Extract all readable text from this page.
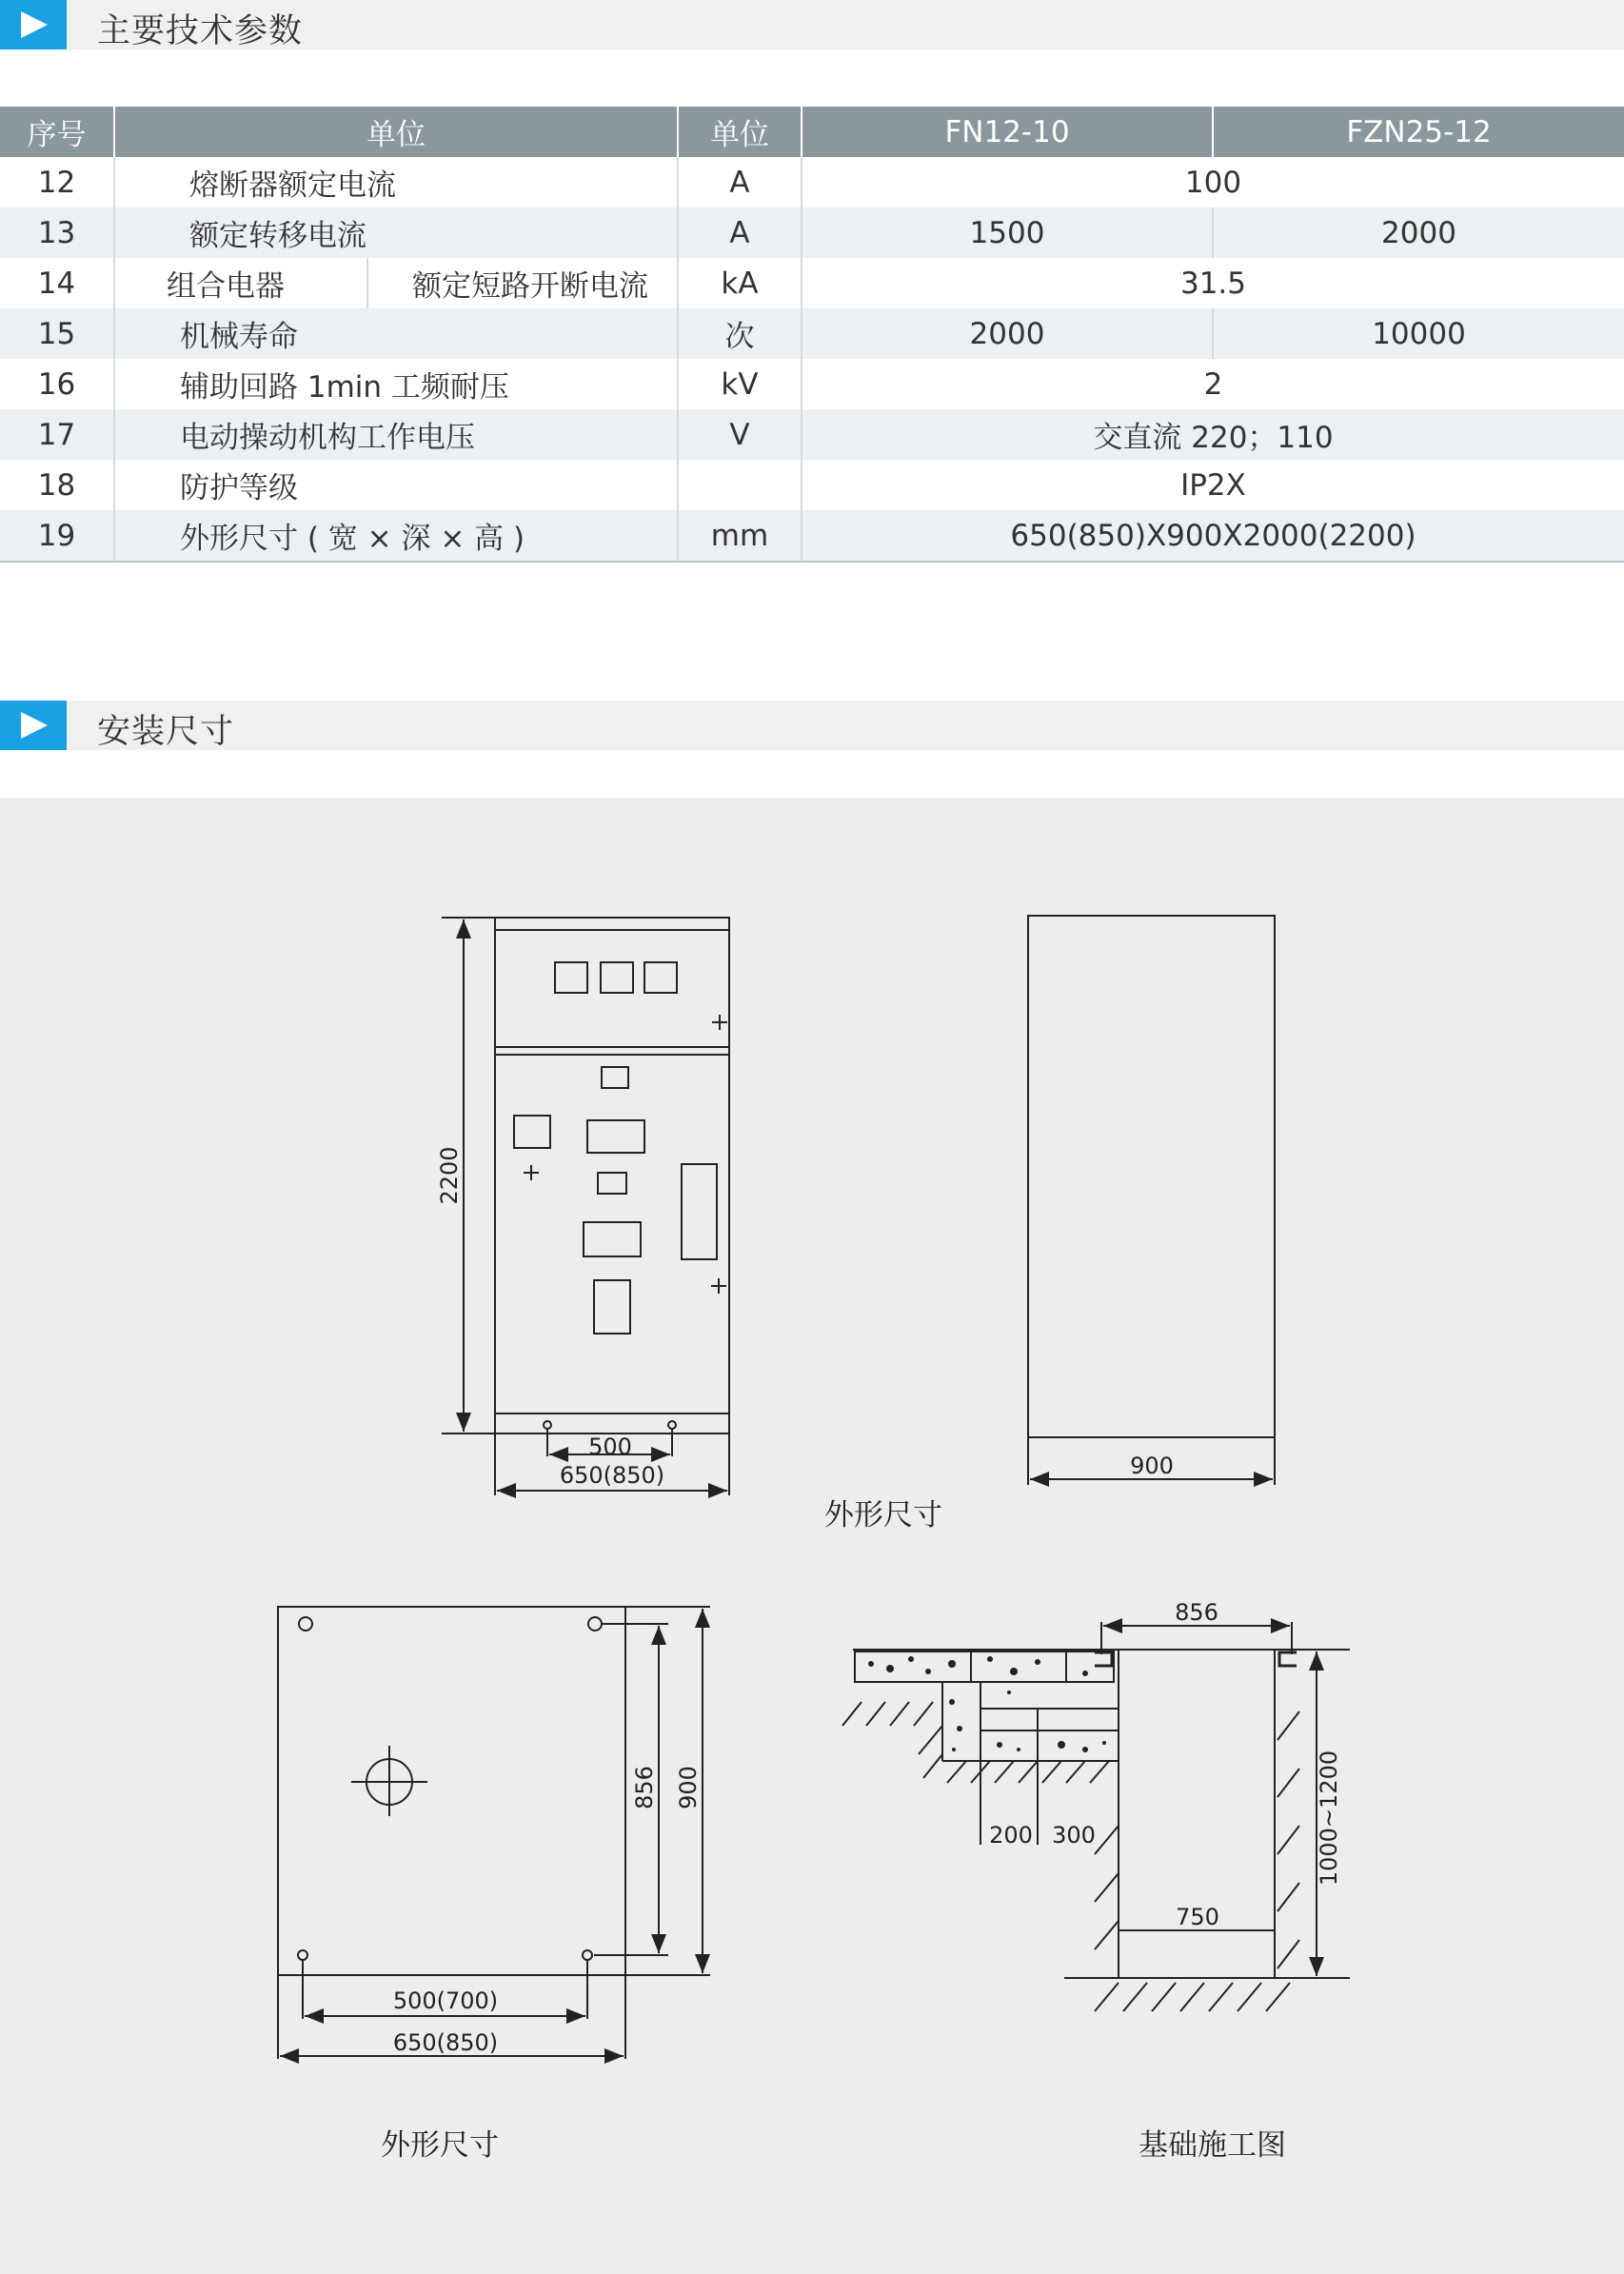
主要技术参数
序号	单位		单位	FN12-10	FZN25-12
12	熔断器额定电流		A	100	
13	额定转移电流		A	1500	2000
14	组合电器	额定短路开断电流	kA	31.5	
15	机械寿命		次	2000	10000
16	辅助回路 1min 工频耐压		kV	2	
17	电动操动机构工作电压		V	交直流 220；110	
18	防护等级			IP2X	
19	外形尺寸 ( 宽 × 深 × 高 )		mm	650(850)X900X2000(2200)	
安装尺寸
500
650(850)
2200
900
500(700)
650(850)
856 900
856
200 300
750
1000~1200
外形尺寸
外形尺寸	基础施工图
